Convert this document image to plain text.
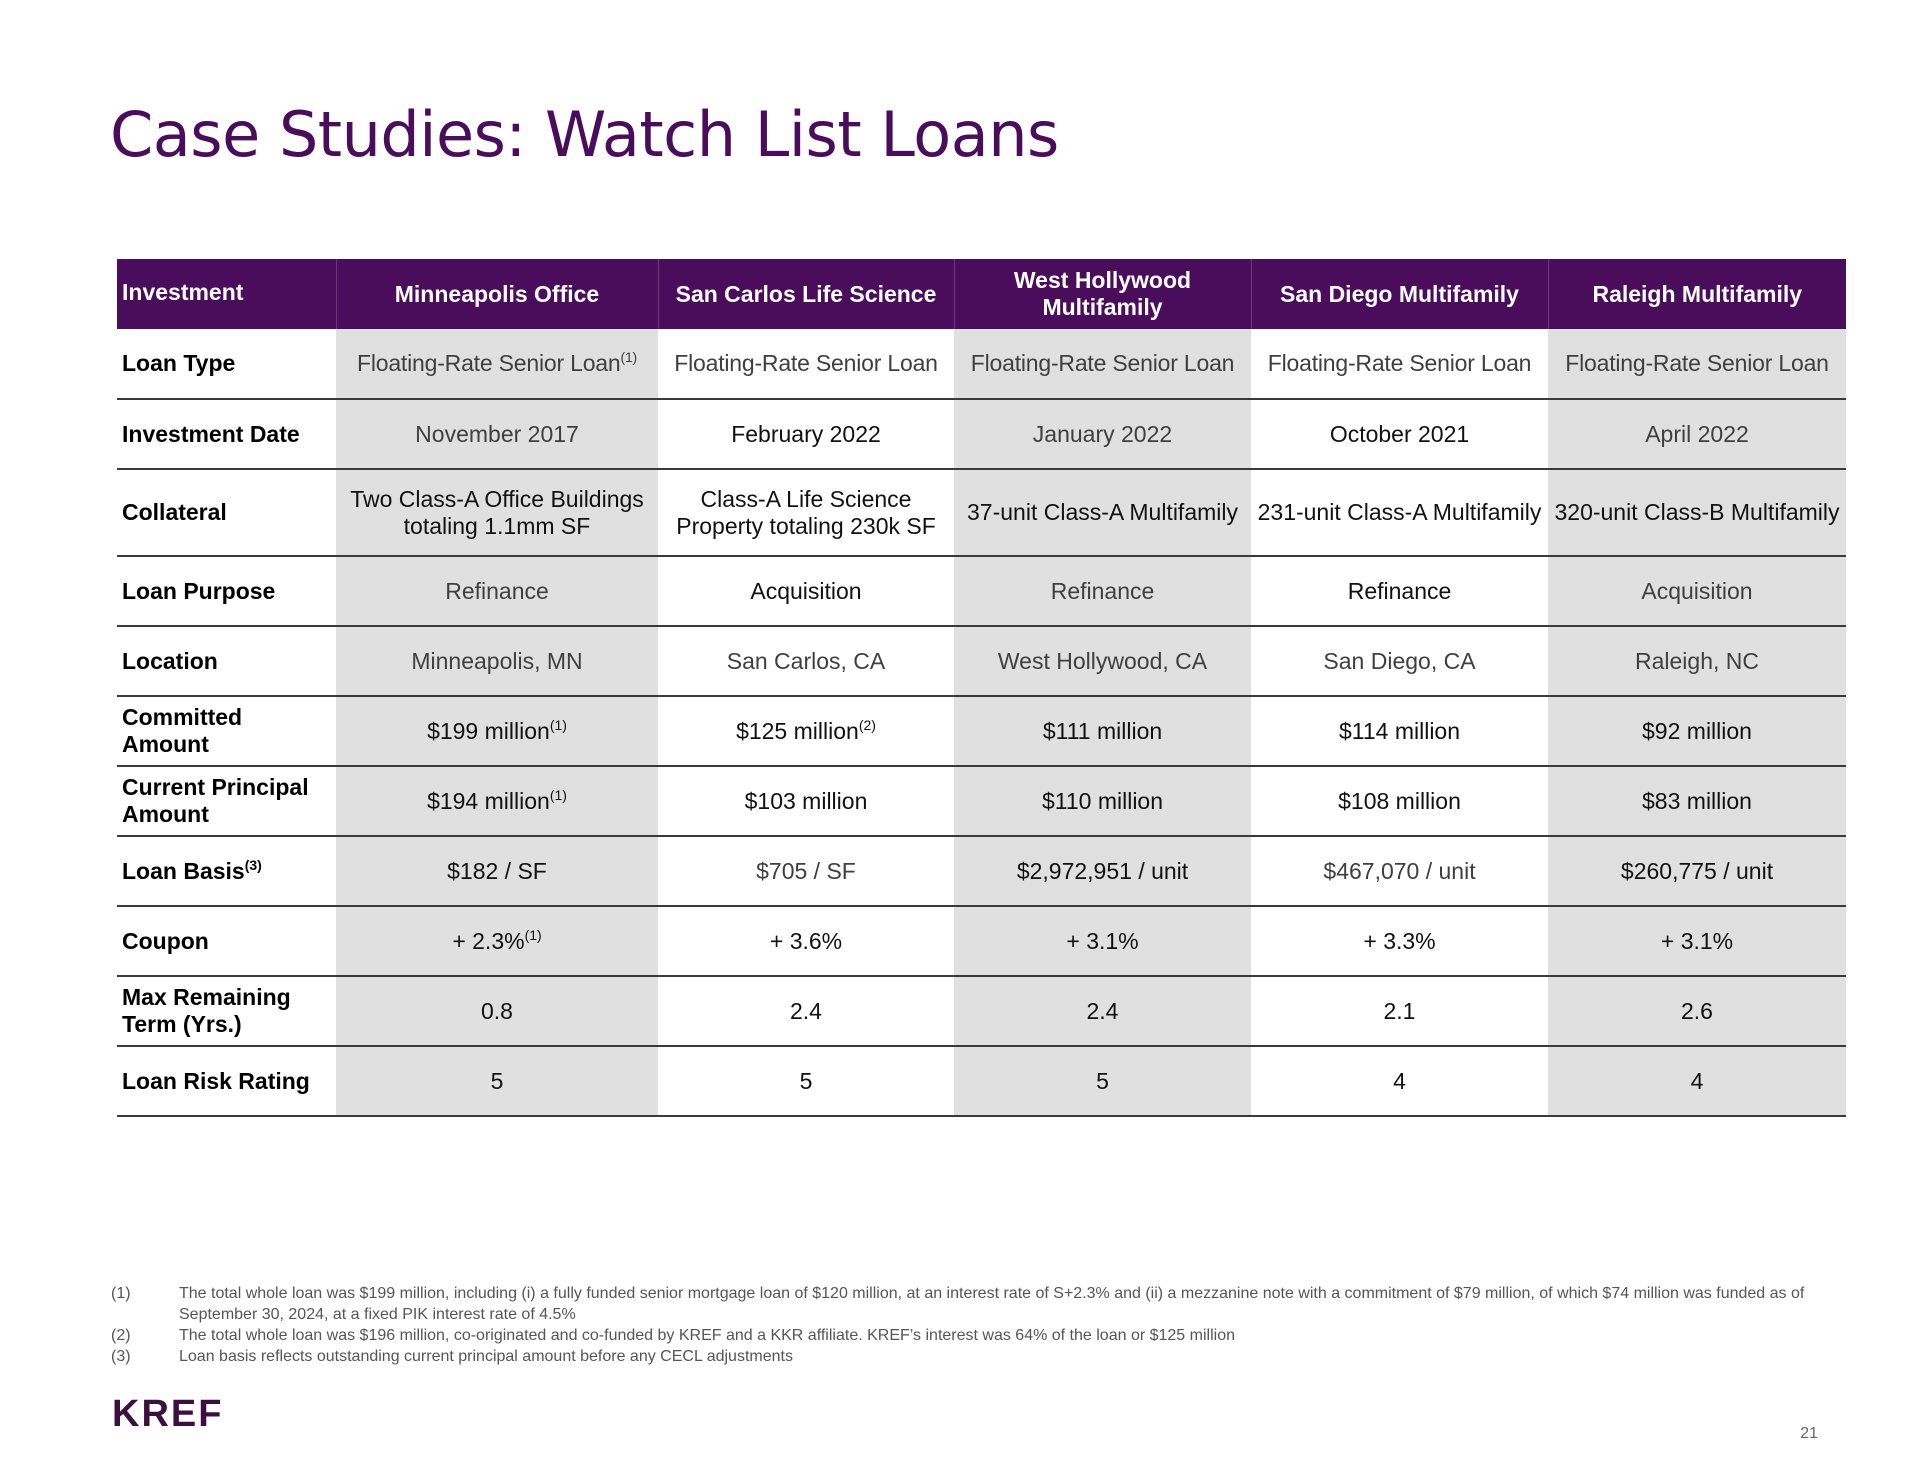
Case Studies: Watch List Loans
Investment	Minneapolis Office	San Carlos Life Science	West Hollywood Multifamily	San Diego Multifamily	Raleigh Multifamily
Loan Type	Floating-Rate Senior Loan$^{(1)}$	Floating-Rate Senior Loan	Floating-Rate Senior Loan	Floating-Rate Senior Loan	Floating-Rate Senior Loan
Investment Date	November 2017	February 2022	January 2022	October 2021	April 2022
Collateral	Two Class-A Office Buildings totaling 1.1mm SF	Class-A Life Science Property totaling 230k SF	37-unit Class-A Multifamily	231-unit Class-A Multifamily	320-unit Class-B Multifamily
Loan Purpose	Refinance	Acquisition	Refinance	Refinance	Acquisition
Location	Minneapolis, MN	San Carlos, CA	West Hollywood, CA	San Diego, CA	Raleigh, NC
Committed Amount	$199 million$^{(1)}$	$125 million$^{(2)}$	$111 million	$114 million	$92 million
Current Principal Amount	$194 million$^{(1)}$	$103 million	$110 million	$108 million	$83 million
Loan Basis$^{(3)}$	$182 / SF	$705 / SF	$2,972,951 / unit	$467,070 / unit	$260,775 / unit
Coupon	+ 2.3%$^{(1)}$	+ 3.6%	+ 3.1%	+ 3.3%	+ 3.1%
Max Remaining Term (Yrs.)	0.8	2.4	2.4	2.1	2.6
Loan Risk Rating	5	5	5	4	4
(1)	The total whole loan was $199 million, including (i) a fully funded senior mortgage loan of $120 million, at an interest rate of S+2.3% and (ii) a mezzanine note with a commitment of $79 million, of which $74 million was funded as of September 30, 2024, at a fixed PIK interest rate of 4.5%
(2)	The total whole loan was $196 million, co-originated and co-funded by KREF and a KKR affiliate. KREF’s interest was 64% of the loan or $125 million
(3)	Loan basis reflects outstanding current principal amount before any CECL adjustments
KREF	21
